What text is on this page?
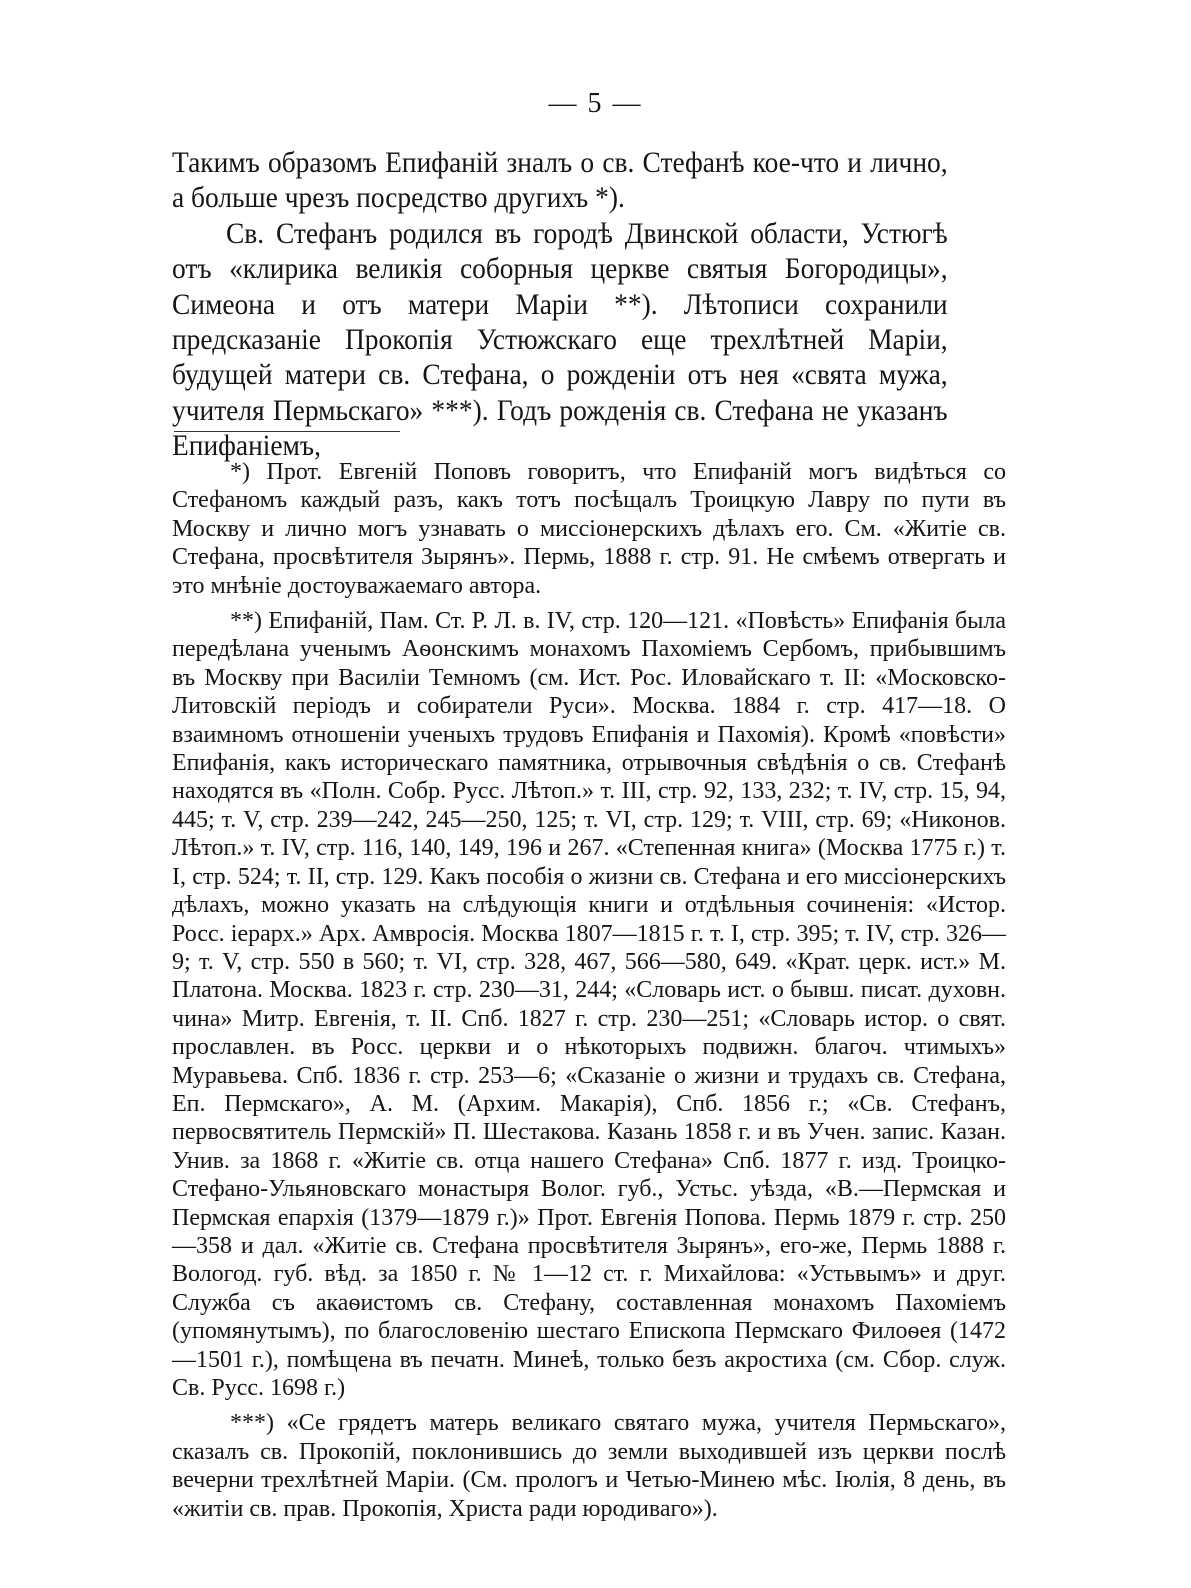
— 5 —

Такимъ образомъ Епифаній зналъ о св. Стефанѣ кое-что и лично, а больше чрезъ посредство другихъ *).

Св. Стефанъ родился въ городѣ Двинской области, Устюгѣ отъ «клирика великія соборныя церкве святыя Богородицы», Симеона и отъ матери Маріи **). Лѣтописи сохранили предсказаніе Прокопія Устюжскаго еще трехлѣтней Маріи, будущей матери св. Стефана, о рожденіи отъ нея «свята мужа, учителя Пермьскаго» ***). Годъ рожденія св. Стефана не указанъ Епифаніемъ,

*) Прот. Евгеній Поповъ говоритъ, что Епифаній могъ видѣться со Стефаномъ каждый разъ, какъ тотъ посѣщалъ Троицкую Лавру по пути въ Москву и лично могъ узнавать о миссіонерскихъ дѣлахъ его. См. «Житіе св. Стефана, просвѣтителя Зырянъ». Пермь, 1888 г. стр. 91. Не смѣемъ отвергать и это мнѣніе достоуважаемаго автора.

**) Епифаній, Пам. Ст. Р. Л. в. IV, стр. 120—121. «Повѣсть» Епифанія была передѣлана ученымъ Аѳонскимъ монахомъ Пахоміемъ Сербомъ, прибывшимъ въ Москву при Василіи Темномъ (см. Ист. Рос. Иловайскаго т. II: «Московско-Литовскій періодъ и собиратели Руси». Москва. 1884 г. стр. 417—18. О взаимномъ отношеніи ученыхъ трудовъ Епифанія и Пахомія). Кромѣ «повѣсти» Епифанія, какъ историческаго памятника, отрывочныя свѣдѣнія о св. Стефанѣ находятся въ «Полн. Собр. Русс. Лѣтоп.» т. III, стр. 92, 133, 232; т. IV, стр. 15, 94, 445; т. V, стр. 239—242, 245—250, 125; т. VI, стр. 129; т. VIII, стр. 69; «Никонов. Лѣтоп.» т. IV, стр. 116, 140, 149, 196 и 267. «Степенная книга» (Москва 1775 г.) т. I, стр. 524; т. II, стр. 129. Какъ пособія о жизни св. Стефана и его миссіонерскихъ дѣлахъ, можно указать на слѣдующія книги и отдѣльныя сочиненія: «Истор. Росс. іерарх.» Арх. Амвросія. Москва 1807—1815 г. т. I, стр. 395; т. IV, стр. 326—9; т. V, стр. 550 в 560; т. VI, стр. 328, 467, 566—580, 649. «Крат. церк. ист.» М. Платона. Москва. 1823 г. стр. 230—31, 244; «Словарь ист. о бывш. писат. духовн. чина» Митр. Евгенія, т. II. Спб. 1827 г. стр. 230—251; «Словарь истор. о свят. прославлен. въ Росс. церкви и о нѣкоторыхъ подвижн. благоч. чтимыхъ» Муравьева. Спб. 1836 г. стр. 253—6; «Сказаніе о жизни и трудахъ св. Стефана, Еп. Пермскаго», А. М. (Архим. Макарія), Спб. 1856 г.; «Св. Стефанъ, первосвятитель Пермскій» П. Шестакова. Казань 1858 г. и въ Учен. запис. Казан. Унив. за 1868 г. «Житіе св. отца нашего Стефана» Спб. 1877 г. изд. Троицко-Стефано-Ульяновскаго монастыря Волог. губ., Устьс. уѣзда, «В.—Пермская и Пермская епархія (1379—1879 г.)» Прот. Евгенія Попова. Пермь 1879 г. стр. 250—358 и дал. «Житіе св. Стефана просвѣтителя Зырянъ», его-же, Пермь 1888 г. Вологод. губ. вѣд. за 1850 г. № 1—12 ст. г. Михайлова: «Устьвымъ» и друг. Служба съ акаѳистомъ св. Стефану, составленная монахомъ Пахоміемъ (упомянутымъ), по благословенію шестаго Епископа Пермскаго Филоѳея (1472—1501 г.), помѣщена въ печатн. Минеѣ, только безъ акростиха (см. Сбор. служ. Св. Русс. 1698 г.)

***) «Се грядетъ матерь великаго святаго мужа, учителя Пермьскаго», сказалъ св. Прокопій, поклонившись до земли выходившей изъ церкви послѣ вечерни трехлѣтней Маріи. (См. прологъ и Четью-Минею мѣс. Іюлія, 8 день, въ «житіи св. прав. Прокопія, Христа ради юродиваго»).
